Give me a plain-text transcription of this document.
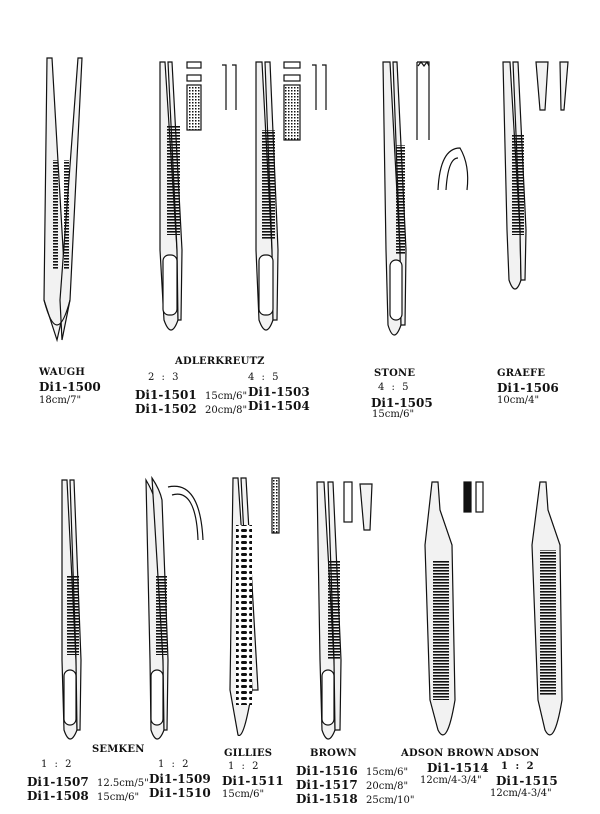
WAUGH
Di1-1500
18cm/7"
ADLERKREUTZ
2 : 3	4 : 5
Di1-1501 15cm/6"
Di1-1502 20cm/8"
Di1-1503
Di1-1504
STONE
4 : 5
Di1-1505
15cm/6"
GRAEFE
Di1-1506
10cm/4"
SEMKEN
1 : 2	1 : 2
Di1-1507 12.5cm/5"
Di1-1508 15cm/6"
Di1-1509
Di1-1510
GILLIES
1 : 2
Di1-1511
15cm/6"
BROWN
Di1-1516 15cm/6"
Di1-1517 20cm/8"
Di1-1518 25cm/10"
ADSON BROWN
Di1-1514
12cm/4-3/4"
ADSON
1 : 2
Di1-1515
12cm/4-3/4"
